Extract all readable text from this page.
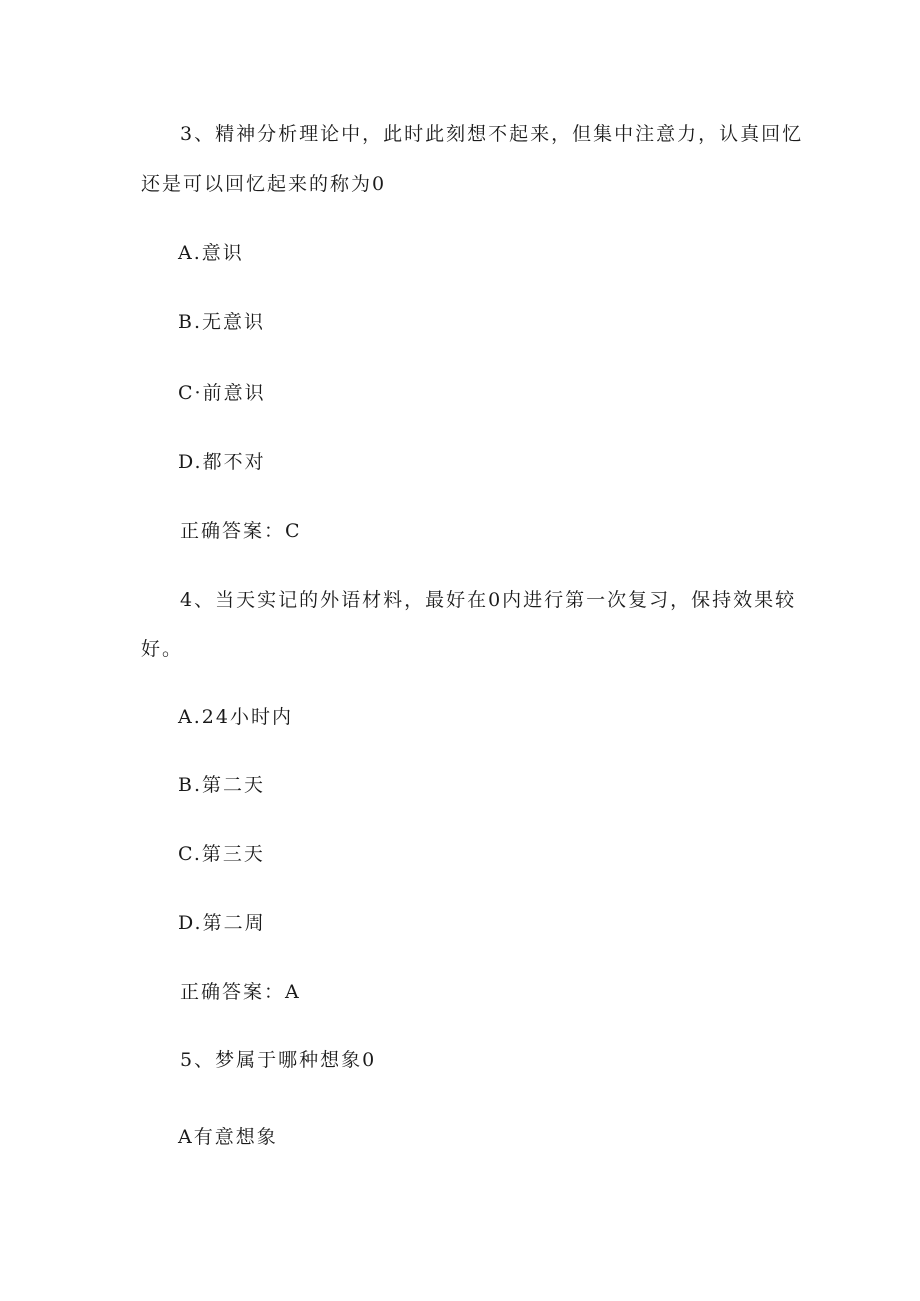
3、精神分析理论中，此时此刻想不起来，但集中注意力，认真回忆
还是可以回忆起来的称为0
A.意识
B.无意识
C·前意识
D.都不对
正确答案：C
4、当天实记的外语材料，最好在0内进行第一次复习，保持效果较
好。
A.24小时内
B.第二天
C.第三天
D.第二周
正确答案：A
5、梦属于哪种想象0
A有意想象
